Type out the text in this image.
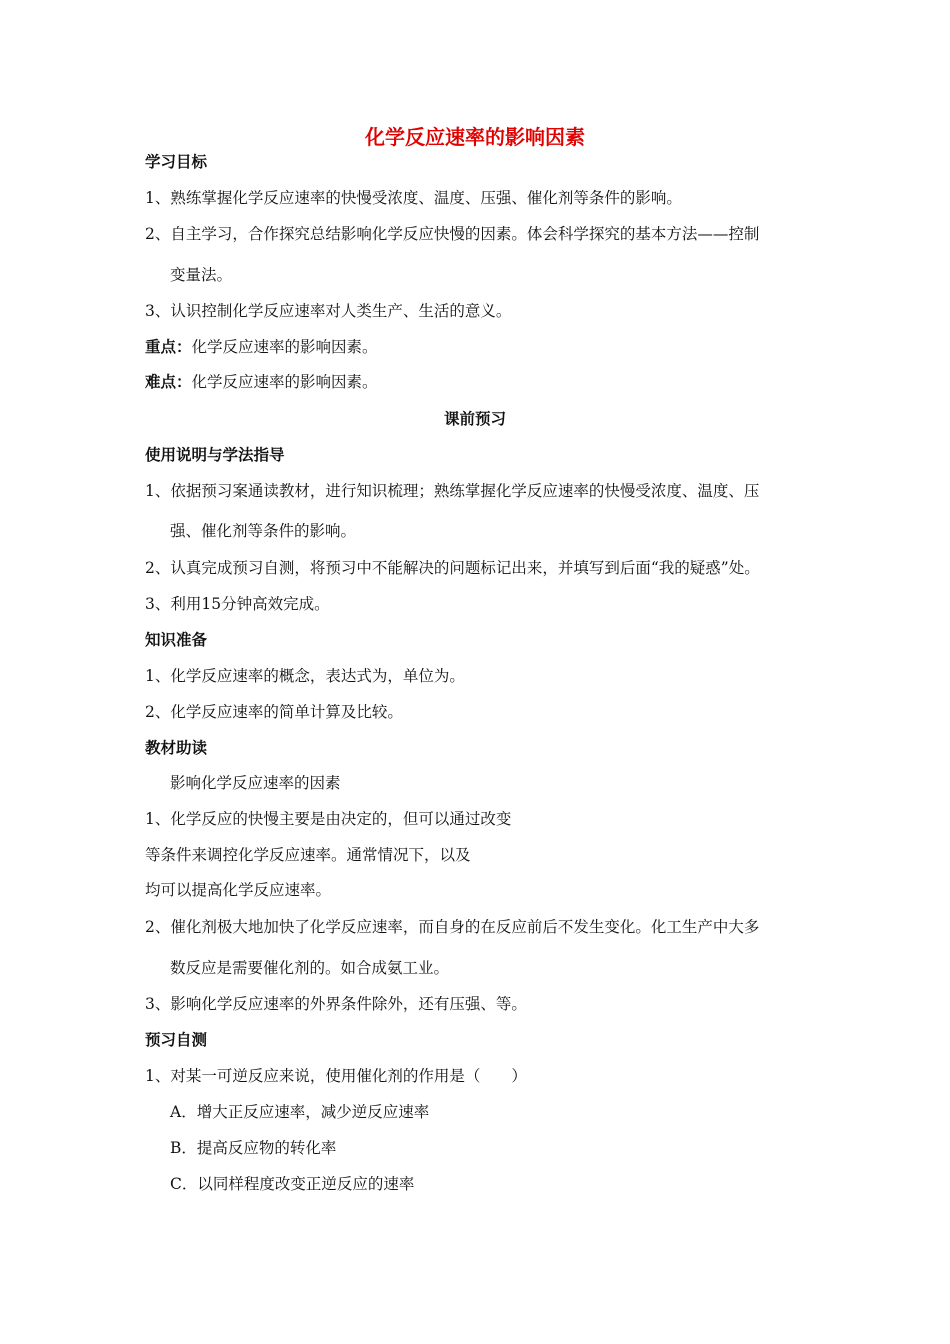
化学反应速率的影响因素
学习目标
1、熟练掌握化学反应速率的快慢受浓度、温度、压强、催化剂等条件的影响。
2、自主学习，合作探究总结影响化学反应快慢的因素。体会科学探究的基本方法——控制
变量法。
3、认识控制化学反应速率对人类生产、生活的意义。
重点：化学反应速率的影响因素。
难点：化学反应速率的影响因素。
课前预习
使用说明与学法指导
1、依据预习案通读教材，进行知识梳理；熟练掌握化学反应速率的快慢受浓度、温度、压
强、催化剂等条件的影响。
2、认真完成预习自测，将预习中不能解决的问题标记出来，并填写到后面“我的疑惑”处。
3、利用15分钟高效完成。
知识准备
1、化学反应速率的概念，表达式为，单位为。
2、化学反应速率的简单计算及比较。
教材助读
影响化学反应速率的因素
1、化学反应的快慢主要是由决定的，但可以通过改变
等条件来调控化学反应速率。通常情况下，以及
均可以提高化学反应速率。
2、催化剂极大地加快了化学反应速率，而自身的在反应前后不发生变化。化工生产中大多
数反应是需要催化剂的。如合成氨工业。
3、影响化学反应速率的外界条件除外，还有压强、等。
预习自测
1、对某一可逆反应来说，使用催化剂的作用是（　　）
A．增大正反应速率，减少逆反应速率
B．提高反应物的转化率
C．以同样程度改变正逆反应的速率
